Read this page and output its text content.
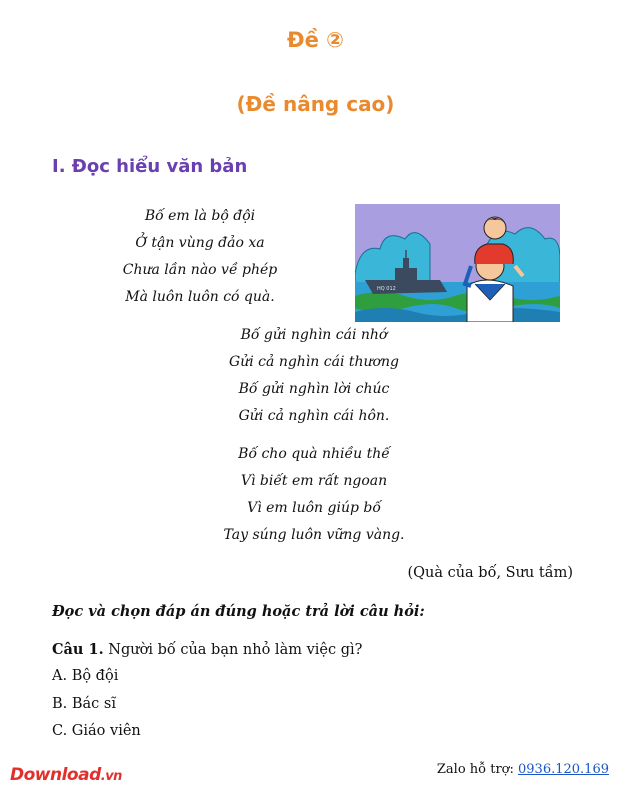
Đề ②
(Đề nâng cao)
I. Đọc hiểu văn bản
Bố em là bộ đội
Ở tận vùng đảo xa
Chưa lần nào về phép
Mà luôn luôn có quà.
Bố gửi nghìn cái nhớ
Gửi cả nghìn cái thương
Bố gửi nghìn lời chúc
Gửi cả nghìn cái hôn.
Bố cho quà nhiều thế
Vì biết em rất ngoan
Vì em luôn giúp bố
Tay súng luôn vững vàng.
HQ 012
(Quà của bố, Sưu tầm)
Đọc và chọn đáp án đúng hoặc trả lời câu hỏi:
Câu 1. Người bố của bạn nhỏ làm việc gì?
A. Bộ đội
B. Bác sĩ
C. Giáo viên
Download.vn	Zalo hỗ trợ: 0936.120.169
